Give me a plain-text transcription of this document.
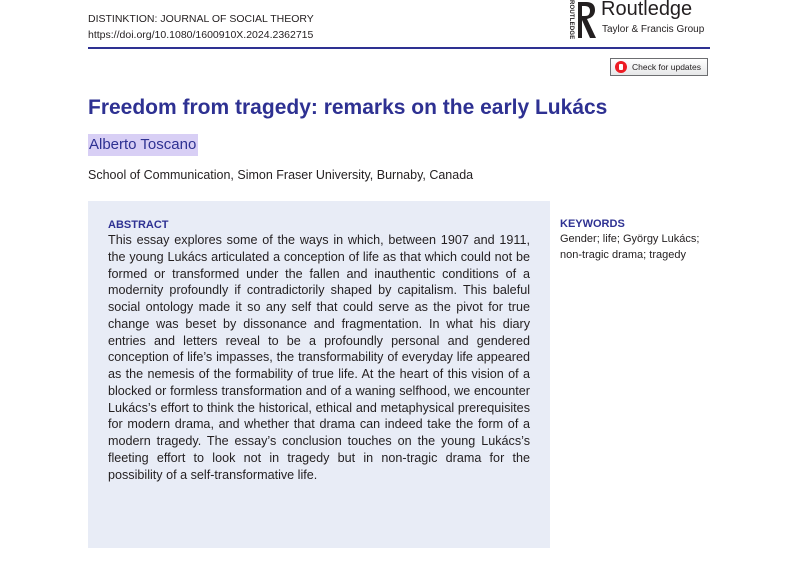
DISTINKTION: JOURNAL OF SOCIAL THEORY
https://doi.org/10.1080/1600910X.2024.2362715	ROUTLEDGE Routledge
Taylor & Francis Group
Check for updates
Freedom from tragedy: remarks on the early Lukács
Alberto Toscano
School of Communication, Simon Fraser University, Burnaby, Canada
ABSTRACT
This essay explores some of the ways in which, between 1907 and 1911, the young Lukács articulated a conception of life as that which could not be formed or transformed under the fallen and inauthentic conditions of a modernity profoundly if contradictorily shaped by capitalism. This baleful social ontology made it so any self that could serve as the pivot for true change was beset by dissonance and fragmentation. In what his diary entries and letters reveal to be a profoundly personal and gendered conception of life’s impasses, the transformability of everyday life appeared as the nemesis of the formability of true life. At the heart of this vision of a blocked or formless transformation and of a waning selfhood, we encounter Lukács’s effort to think the historical, ethical and metaphysical prerequisites for modern drama, and whether that drama can indeed take the form of a modern tragedy. The essay’s conclusion touches on the young Lukács’s fleeting effort to look not in tragedy but in non-tragic drama for the possibility of a self-transformative life.
KEYWORDS
Gender; life; György Lukács; non-tragic drama; tragedy
